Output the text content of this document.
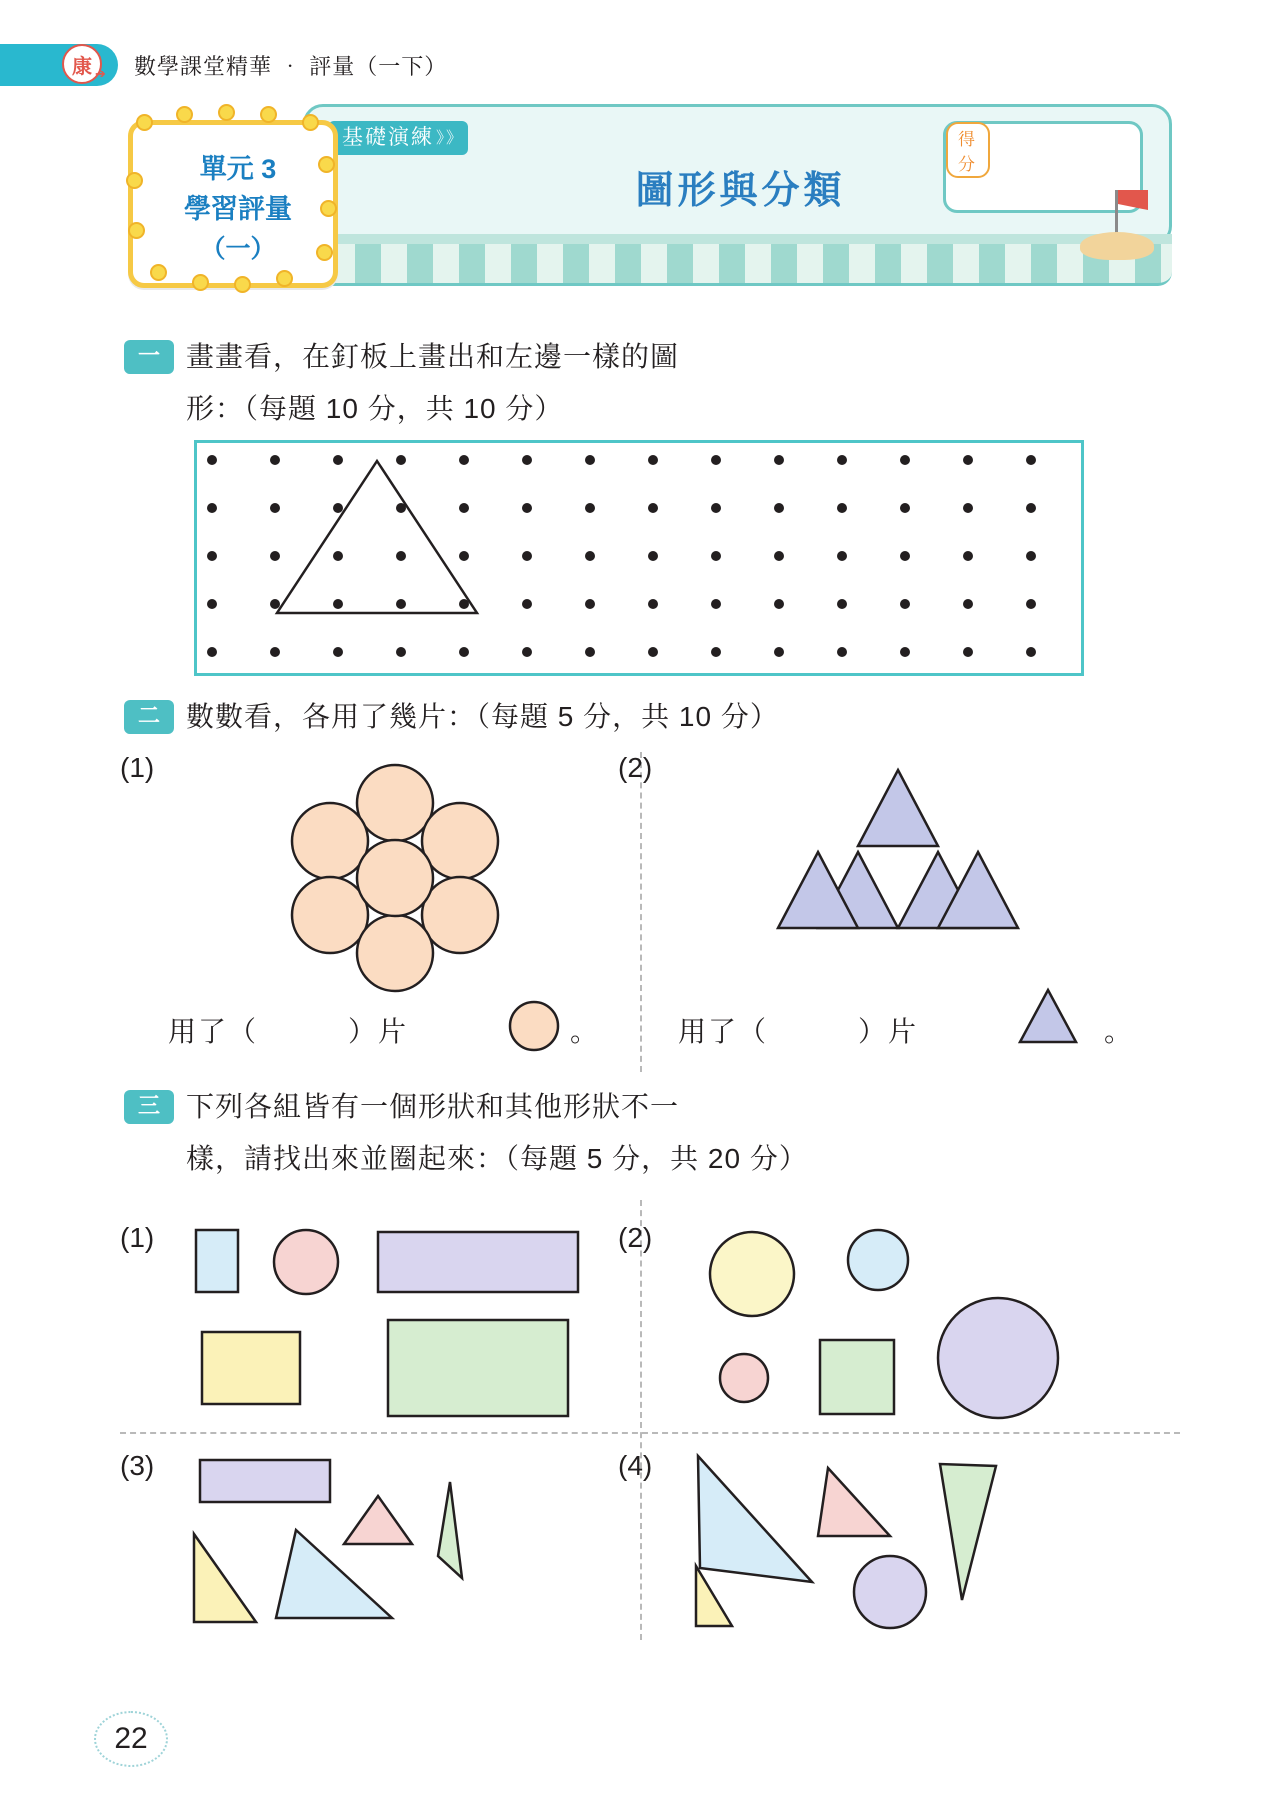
康 ➔ 數學課堂精華 ‧ 評量（一下）
基礎演練 》》
圖形與分類
得分
單元 3
學習評量
（一）
一 畫畫看，在釘板上畫出和左邊一樣的圖
形：（每題 10 分，共 10 分）
二 數數看，各用了幾片：（每題 5 分，共 10 分）
(1)	(2)
用了（　　　）片	。	用了（　　　）片	。
三 下列各組皆有一個形狀和其他形狀不一
樣，請找出來並圈起來：（每題 5 分，共 20 分）
(1)	(2)
(3)	(4)
22
